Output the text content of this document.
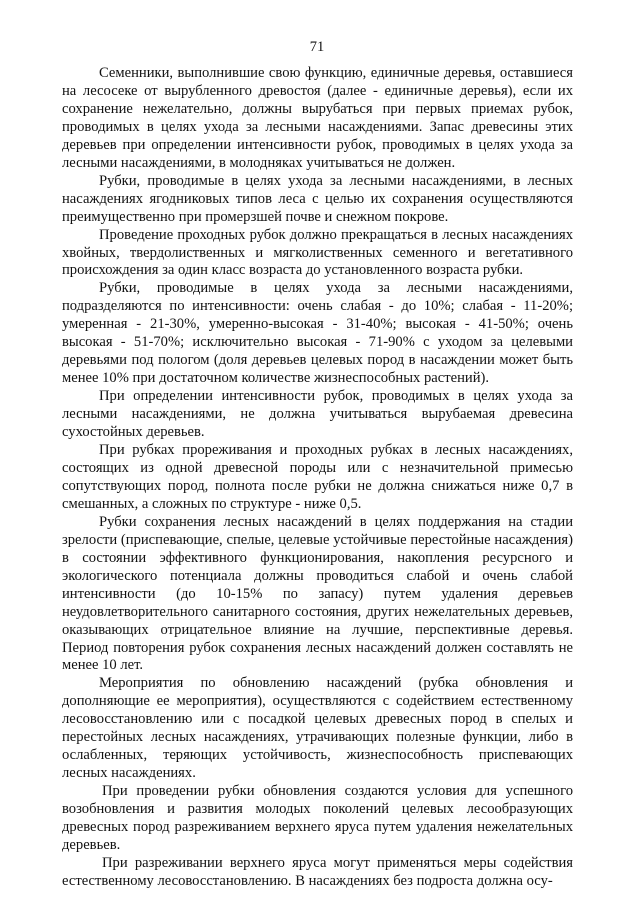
71

Семенники, выполнившие свою функцию, единичные деревья, оставшиеся на лесосеке от вырубленного древостоя (далее - единичные деревья), если их сохранение нежелательно, должны вырубаться при первых приемах рубок, проводимых в целях ухода за лесными насаждениями. Запас древесины этих деревьев при определении интенсивности рубок, проводимых в целях ухода за лесными насаждениями, в молодняках учитываться не должен.

Рубки, проводимые в целях ухода за лесными насаждениями, в лесных насаждениях ягодниковых типов леса с целью их сохранения осуществляются преимущественно при промерзшей почве и снежном покрове.

Проведение проходных рубок должно прекращаться в лесных насаждениях хвойных, твердолиственных и мягколиственных семенного и вегетативного происхождения за один класс возраста до установленного возраста рубки.

Рубки, проводимые в целях ухода за лесными насаждениями, подразделяются по интенсивности: очень слабая - до 10%; слабая - 11-20%; умеренная - 21-30%, умеренно-высокая - 31-40%; высокая - 41-50%; очень высокая - 51-70%; исключительно высокая - 71-90% с уходом за целевыми деревьями под пологом (доля деревьев целевых пород в насаждении может быть менее 10% при достаточном количестве жизнеспособных растений).

При определении интенсивности рубок, проводимых в целях ухода за лесными насаждениями, не должна учитываться вырубаемая древесина сухостойных деревьев.

При рубках прореживания и проходных рубках в лесных насаждениях, состоящих из одной древесной породы или с незначительной примесью сопутствующих пород, полнота после рубки не должна снижаться ниже 0,7 в смешанных, а сложных по структуре - ниже 0,5.

Рубки сохранения лесных насаждений в целях поддержания на стадии зрелости (приспевающие, спелые, целевые устойчивые перестойные насаждения) в состоянии эффективного функционирования, накопления ресурсного и экологического потенциала должны проводиться слабой и очень слабой интенсивности (до 10-15% по запасу) путем удаления деревьев неудовлетворительного санитарного состояния, других нежелательных деревьев, оказывающих отрицательное влияние на лучшие, перспективные деревья. Период повторения рубок сохранения лесных насаждений должен составлять не менее 10 лет.

Мероприятия по обновлению насаждений (рубка обновления и дополняющие ее мероприятия), осуществляются с содействием естественному лесовосстановлению или с посадкой целевых древесных пород в спелых и перестойных лесных насаждениях, утрачивающих полезные функции, либо в ослабленных, теряющих устойчивость, жизнеспособность приспевающих лесных насаждениях.

При проведении рубки обновления создаются условия для успешного возобновления и развития молодых поколений целевых лесообразующих древесных пород разреживанием верхнего яруса путем удаления нежелательных деревьев.

При разреживании верхнего яруса могут применяться меры содействия естественному лесовосстановлению. В насаждениях без подроста должна осу-
